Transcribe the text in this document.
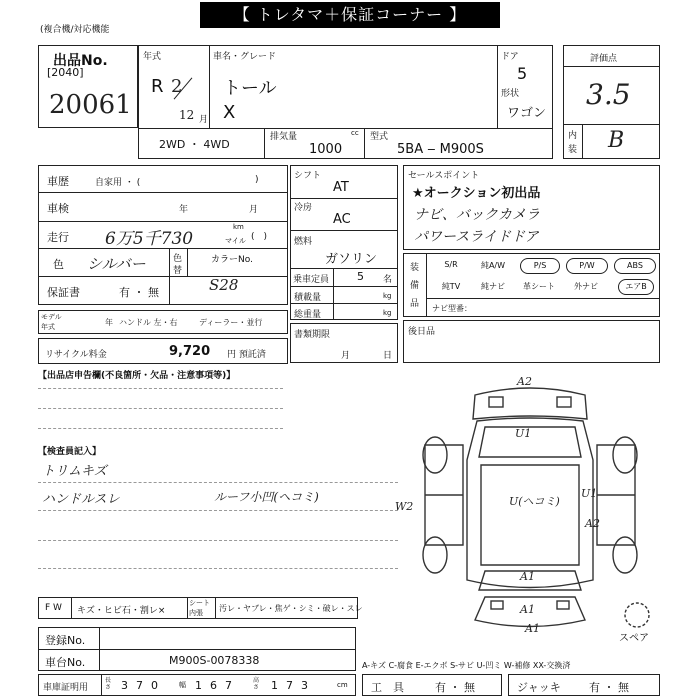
【 トレタマ＋保証コーナー 】
(複合機/対応機能
出品No.
[2040]
20061
年式
R 2
12 月
車名・グレード
トール
X
ドア
5
形状
ワゴン
2WD ・ 4WD
排気量	cc
1000
型式
5BA ‒ M900S
評価点
3.5
内
装 B
車歴	自家用 ・ (	)
車検	年	月
走行 6万5千730
km
マイル (　)
色 シルバー	色
替
カラーNo.
S28
保証書	有 ・ 無
モデル
年式	年 ハンドル 左・右	ディーラー・並行
リサイクル料金	9,720 円 預託済
シフト
AT
冷房
AC
燃料
ガソリン
乗車定員	5 名
積載量	kg
総重量	kg
書類期限
月	日
セールスポイント
★オークション初出品
ナビ、バックカメラ
パワースライドドア
装
備
品
S/R	純A/W	P/S	P/W	ABS
純TV	純ナビ	革シート	外ナビ	エアB
ナビ型番：
後日品
【出品店申告欄(不良箇所・欠品・注意事項等)】
【検査員記入】
トリムキズ
ハンドルスレ	ルーフ小凹(ヘコミ)
A2
U1
U(ヘコミ)
U1
A2
W2
A1
A1
A1
スペア
F W キズ・ヒビ石・割レ×
シート
内張 汚レ・ヤブレ・焦ゲ・シミ・破レ・スレ
登録No.
車台No.	M900S-0078338	A-キズ C-腐食 E-エクボ S-サビ U-凹ミ W-補修 XX-交換済
車庫証明用
長さ 370 幅 167 高さ 173	cm 工　具	有 ・ 無	ジャッキ	有 ・ 無
